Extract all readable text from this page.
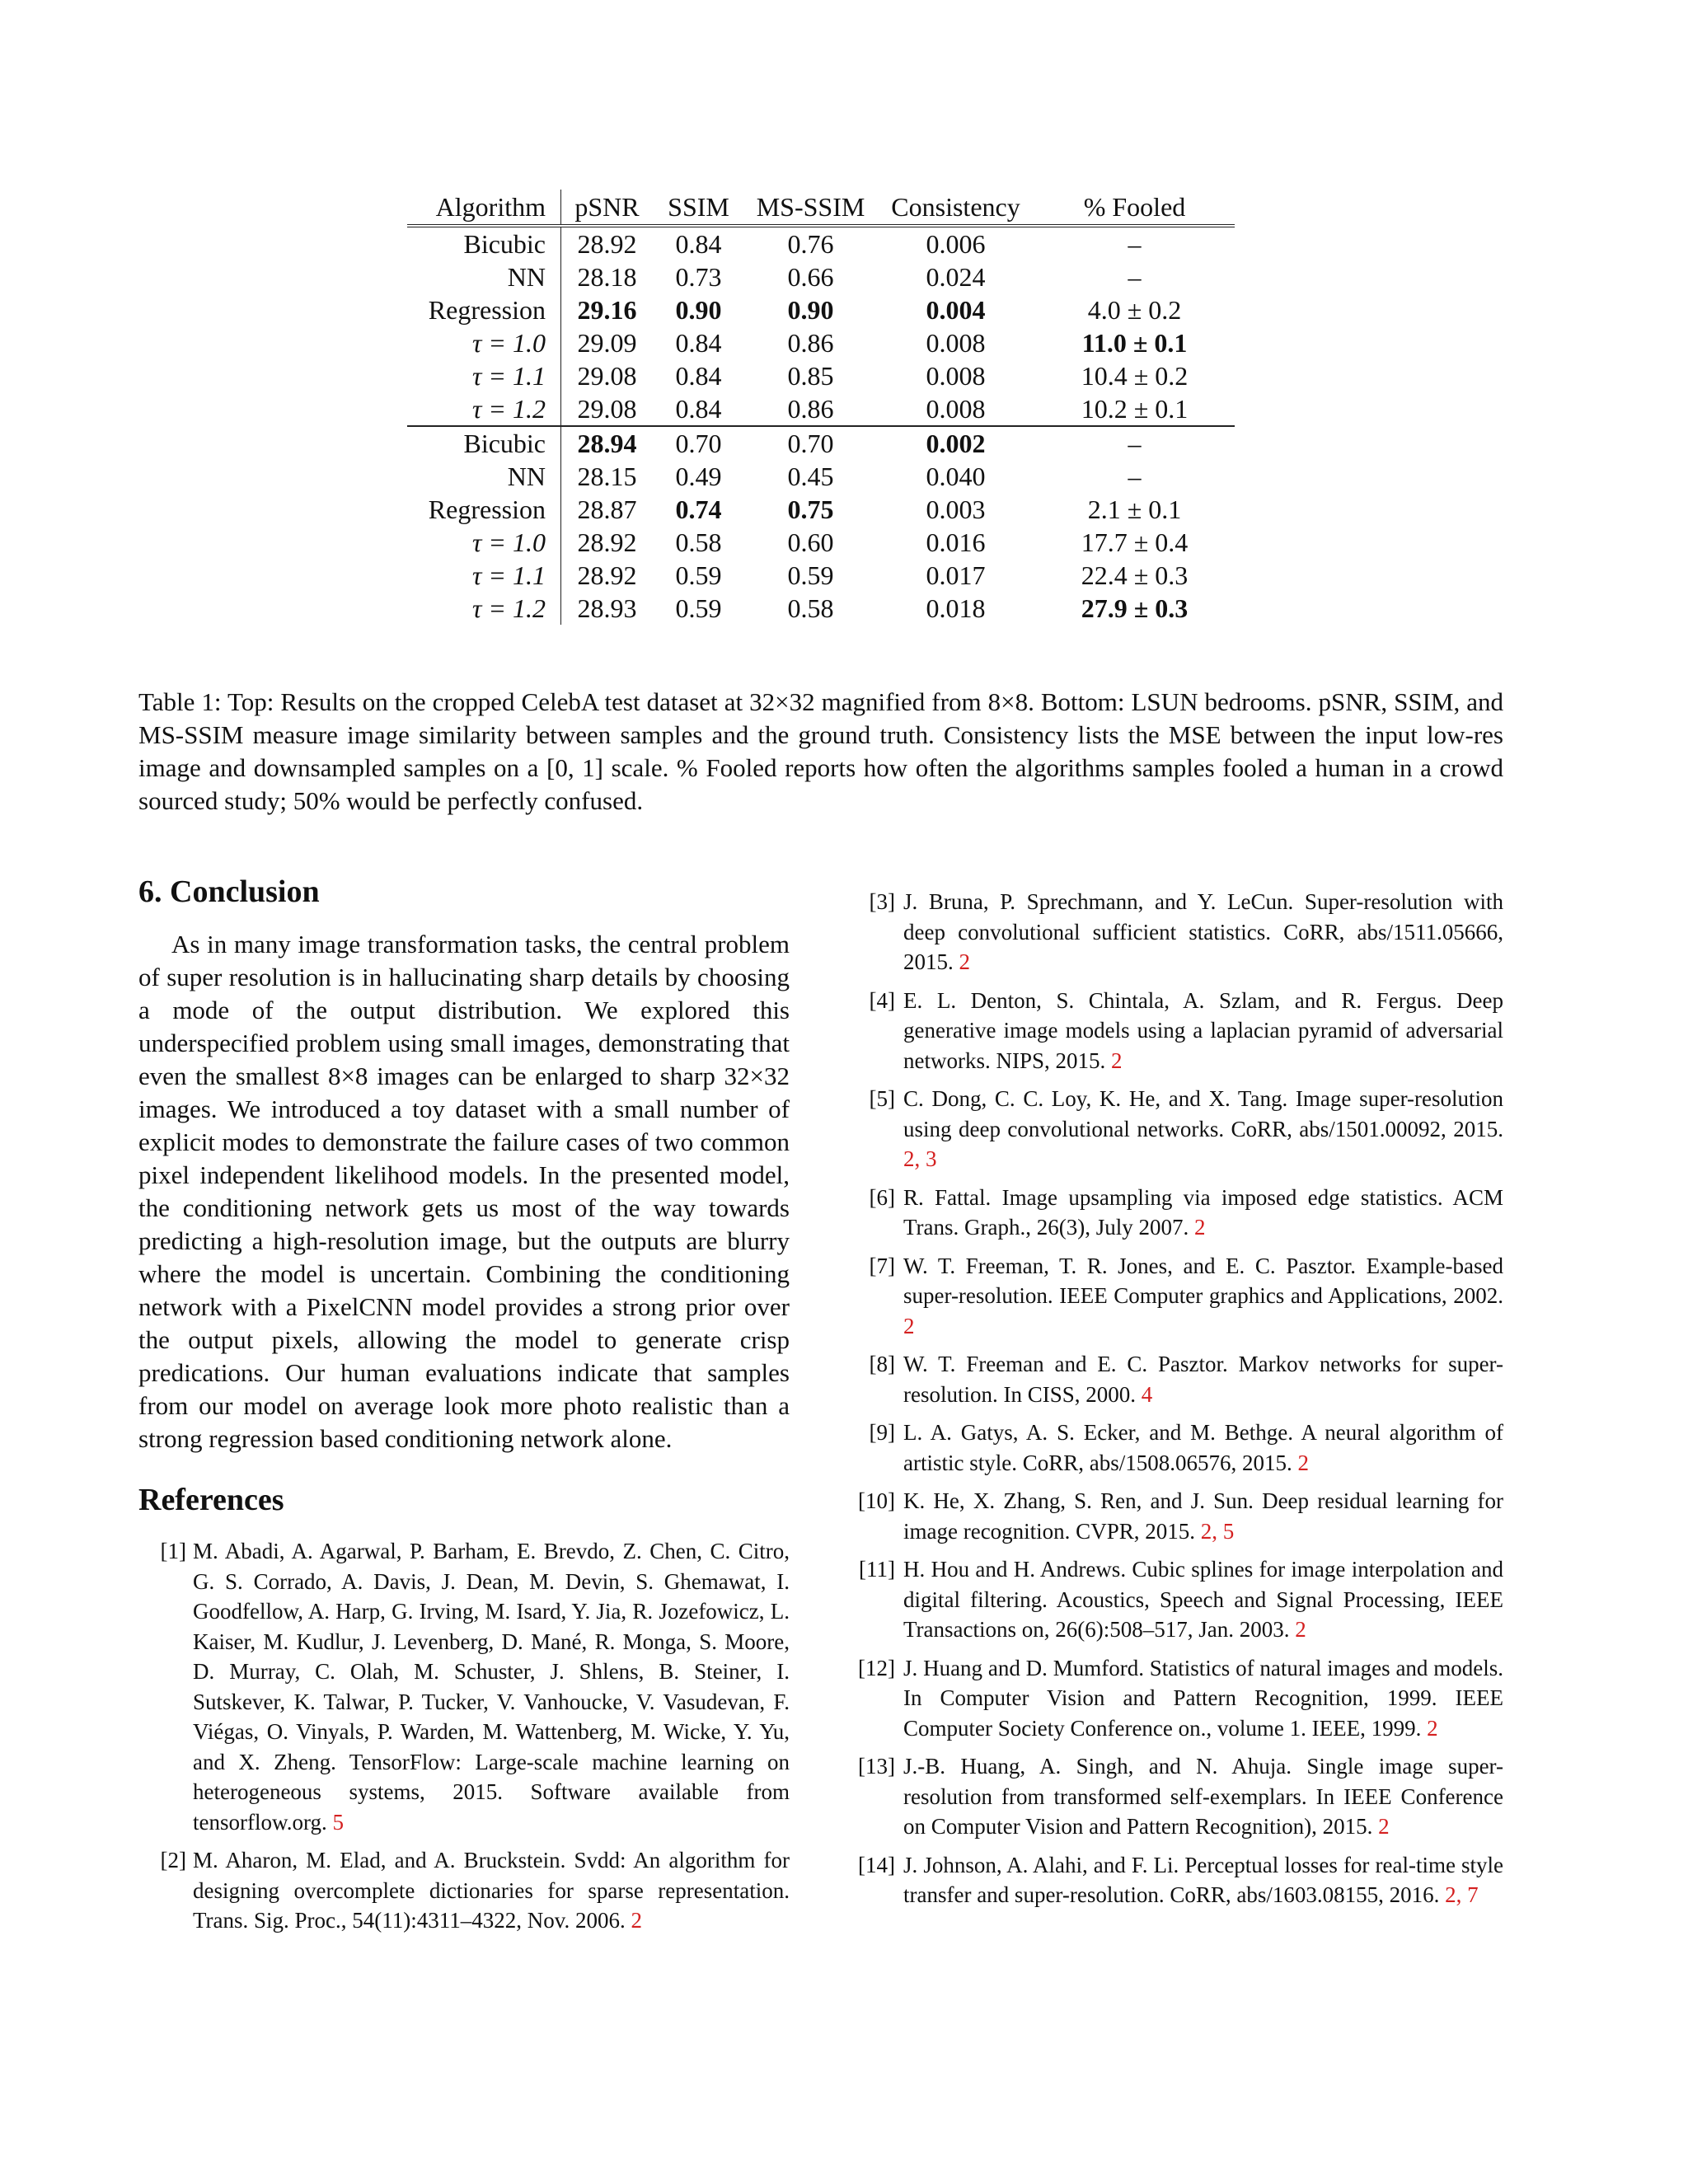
Algorithm	pSNR	SSIM	MS-SSIM	Consistency	% Fooled
Bicubic	28.92	0.84	0.76	0.006	–
NN	28.18	0.73	0.66	0.024	–
Regression	29.16	0.90	0.90	0.004	4.0 ± 0.2
τ = 1.0	29.09	0.84	0.86	0.008	11.0 ± 0.1
τ = 1.1	29.08	0.84	0.85	0.008	10.4 ± 0.2
τ = 1.2	29.08	0.84	0.86	0.008	10.2 ± 0.1
Bicubic	28.94	0.70	0.70	0.002	–
NN	28.15	0.49	0.45	0.040	–
Regression	28.87	0.74	0.75	0.003	2.1 ± 0.1
τ = 1.0	28.92	0.58	0.60	0.016	17.7 ± 0.4
τ = 1.1	28.92	0.59	0.59	0.017	22.4 ± 0.3
τ = 1.2	28.93	0.59	0.58	0.018	27.9 ± 0.3

Table 1: Top: Results on the cropped CelebA test dataset at 32×32 magnified from 8×8. Bottom: LSUN bedrooms. pSNR, SSIM, and MS-SSIM measure image similarity between samples and the ground truth. Consistency lists the MSE between the input low-res image and downsampled samples on a [0, 1] scale. % Fooled reports how often the algorithms samples fooled a human in a crowd sourced study; 50% would be perfectly confused.

6. Conclusion

As in many image transformation tasks, the central problem of super resolution is in hallucinating sharp details by choosing a mode of the output distribution. We explored this underspecified problem using small images, demonstrating that even the smallest 8×8 images can be enlarged to sharp 32×32 images. We introduced a toy dataset with a small number of explicit modes to demonstrate the failure cases of two common pixel independent likelihood models. In the presented model, the conditioning network gets us most of the way towards predicting a high-resolution image, but the outputs are blurry where the model is uncertain. Combining the conditioning network with a PixelCNN model provides a strong prior over the output pixels, allowing the model to generate crisp predications. Our human evaluations indicate that samples from our model on average look more photo realistic than a strong regression based conditioning network alone.

References
[1] M. Abadi, A. Agarwal, P. Barham, E. Brevdo, Z. Chen, C. Citro, G. S. Corrado, A. Davis, J. Dean, M. Devin, S. Ghemawat, I. Goodfellow, A. Harp, G. Irving, M. Isard, Y. Jia, R. Jozefowicz, L. Kaiser, M. Kudlur, J. Levenberg, D. Mané, R. Monga, S. Moore, D. Murray, C. Olah, M. Schuster, J. Shlens, B. Steiner, I. Sutskever, K. Talwar, P. Tucker, V. Vanhoucke, V. Vasudevan, F. Viégas, O. Vinyals, P. Warden, M. Wattenberg, M. Wicke, Y. Yu, and X. Zheng. TensorFlow: Large-scale machine learning on heterogeneous systems, 2015. Software available from tensorflow.org. 5
[2] M. Aharon, M. Elad, and A. Bruckstein. Svdd: An algorithm for designing overcomplete dictionaries for sparse representation. Trans. Sig. Proc., 54(11):4311–4322, Nov. 2006. 2
[3] J. Bruna, P. Sprechmann, and Y. LeCun. Super-resolution with deep convolutional sufficient statistics. CoRR, abs/1511.05666, 2015. 2
[4] E. L. Denton, S. Chintala, A. Szlam, and R. Fergus. Deep generative image models using a laplacian pyramid of adversarial networks. NIPS, 2015. 2
[5] C. Dong, C. C. Loy, K. He, and X. Tang. Image super-resolution using deep convolutional networks. CoRR, abs/1501.00092, 2015. 2, 3
[6] R. Fattal. Image upsampling via imposed edge statistics. ACM Trans. Graph., 26(3), July 2007. 2
[7] W. T. Freeman, T. R. Jones, and E. C. Pasztor. Example-based super-resolution. IEEE Computer graphics and Applications, 2002. 2
[8] W. T. Freeman and E. C. Pasztor. Markov networks for super-resolution. In CISS, 2000. 4
[9] L. A. Gatys, A. S. Ecker, and M. Bethge. A neural algorithm of artistic style. CoRR, abs/1508.06576, 2015. 2
[10] K. He, X. Zhang, S. Ren, and J. Sun. Deep residual learning for image recognition. CVPR, 2015. 2, 5
[11] H. Hou and H. Andrews. Cubic splines for image interpolation and digital filtering. Acoustics, Speech and Signal Processing, IEEE Transactions on, 26(6):508–517, Jan. 2003. 2
[12] J. Huang and D. Mumford. Statistics of natural images and models. In Computer Vision and Pattern Recognition, 1999. IEEE Computer Society Conference on., volume 1. IEEE, 1999. 2
[13] J.-B. Huang, A. Singh, and N. Ahuja. Single image super-resolution from transformed self-exemplars. In IEEE Conference on Computer Vision and Pattern Recognition), 2015. 2
[14] J. Johnson, A. Alahi, and F. Li. Perceptual losses for real-time style transfer and super-resolution. CoRR, abs/1603.08155, 2016. 2, 7
